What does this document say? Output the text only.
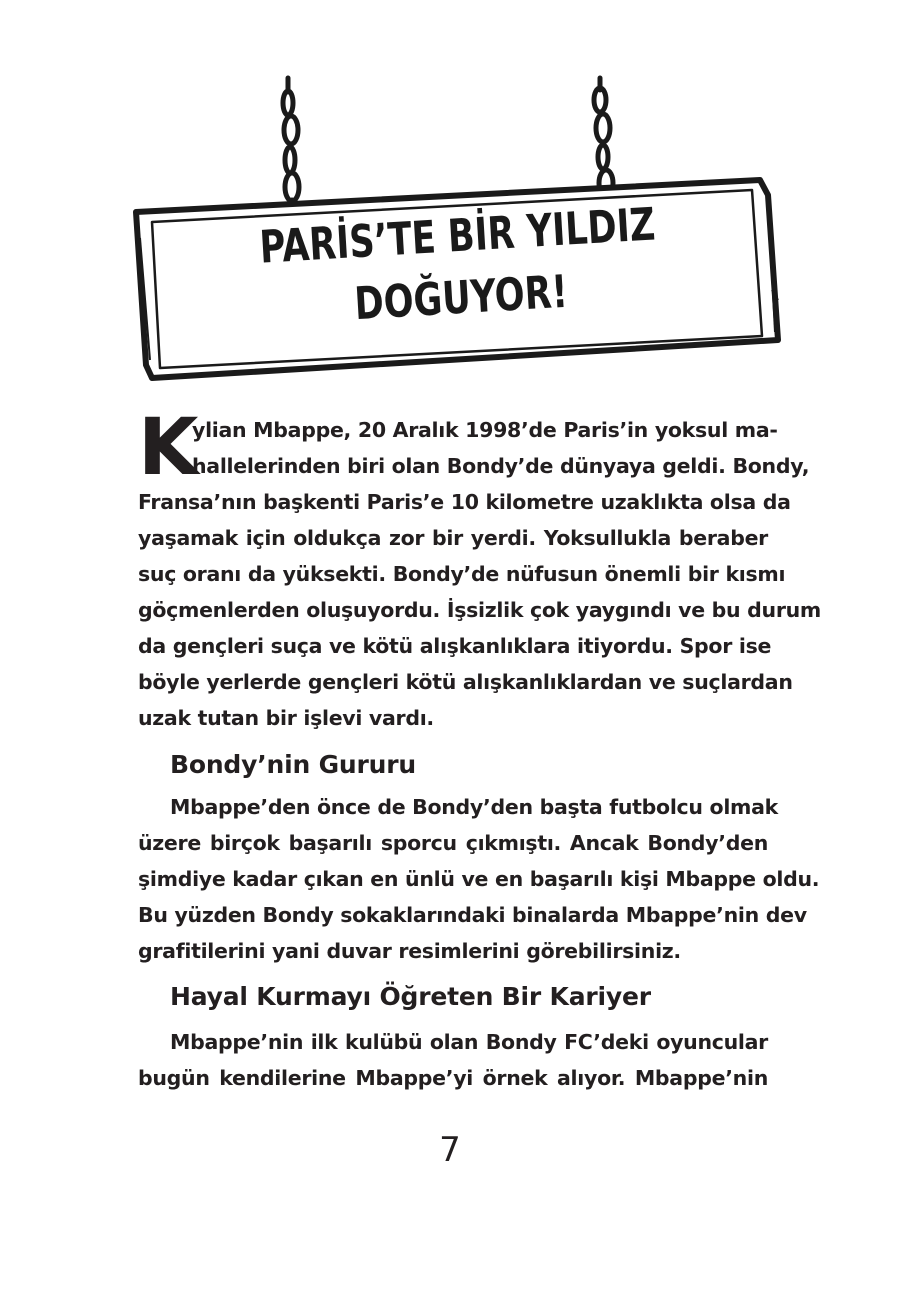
PARİS’TE BİR YILDIZ
DOĞUYOR!
K

ylian Mbappe, 20 Aralık 1998’de Paris’in yoksul ma-
hallelerinden biri olan Bondy’de dünyaya geldi. Bondy,
Fransa’nın başkenti Paris’e 10 kilometre uzaklıkta olsa da
yaşamak için oldukça zor bir yerdi. Yoksullukla beraber
suç oranı da yüksekti. Bondy’de nüfusun önemli bir kısmı
göçmenlerden oluşuyordu. İşsizlik çok yaygındı ve bu durum
da gençleri suça ve kötü alışkanlıklara itiyordu. Spor ise
böyle yerlerde gençleri kötü alışkanlıklardan ve suçlardan
uzak tutan bir işlevi vardı.

Bondy’nin Gururu

Mbappe’den önce de Bondy’den başta futbolcu olmak
üzere birçok başarılı sporcu çıkmıştı. Ancak Bondy’den
şimdiye kadar çıkan en ünlü ve en başarılı kişi Mbappe oldu.
Bu yüzden Bondy sokaklarındaki binalarda Mbappe’nin dev
grafitilerini yani duvar resimlerini görebilirsiniz.

Hayal Kurmayı Öğreten Bir Kariyer

Mbappe’nin ilk kulübü olan Bondy FC’deki oyuncular
bugün kendilerine Mbappe’yi örnek alıyor. Mbappe’nin

7
